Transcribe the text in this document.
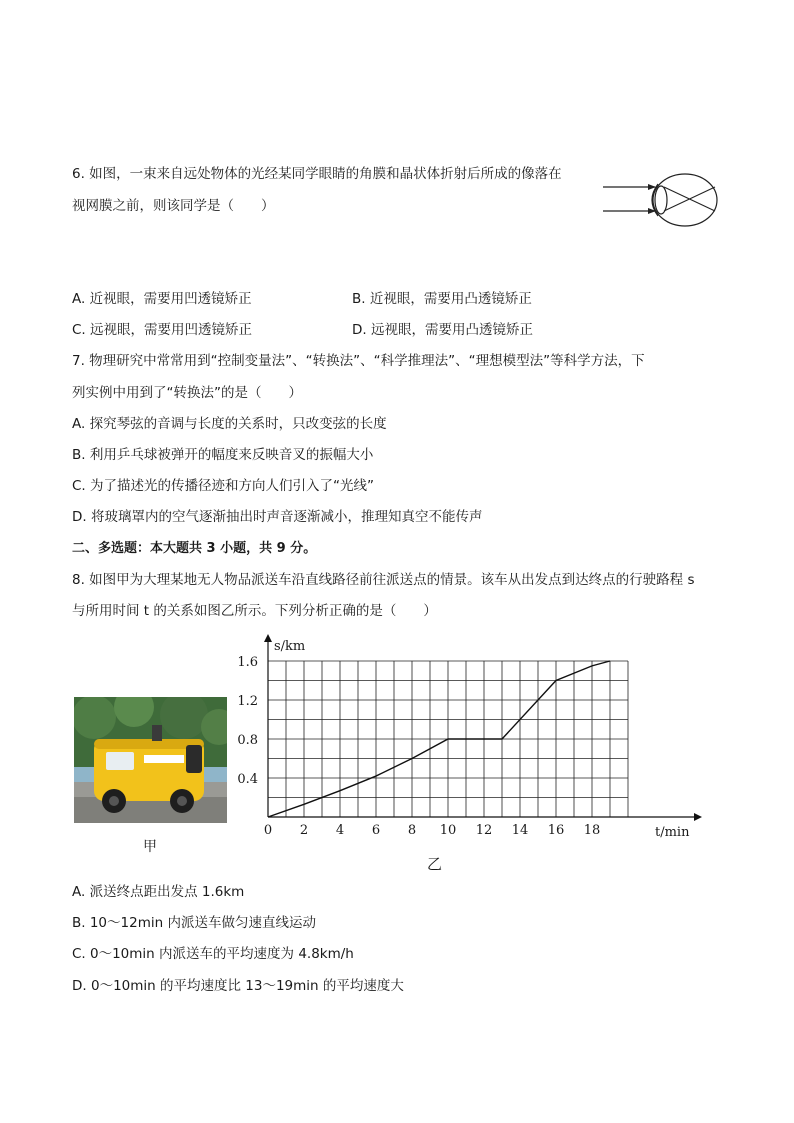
6. 如图，一束来自远处物体的光经某同学眼睛的角膜和晶状体折射后所成的像落在
视网膜之前，则该同学是（　　）
A. 近视眼，需要用凹透镜矫正	B. 近视眼，需要用凸透镜矫正
C. 远视眼，需要用凹透镜矫正	D. 远视眼，需要用凸透镜矫正
7. 物理研究中常常用到“控制变量法”、“转换法”、“科学推理法”、“理想模型法”等科学方法，下
列实例中用到了“转换法”的是（　　）
A. 探究琴弦的音调与长度的关系时，只改变弦的长度
B. 利用乒乓球被弹开的幅度来反映音叉的振幅大小
C. 为了描述光的传播径迹和方向人们引入了“光线”
D. 将玻璃罩内的空气逐渐抽出时声音逐渐减小，推理知真空不能传声
二、多选题：本大题共 3 小题，共 9 分。
8. 如图甲为大理某地无人物品派送车沿直线路径前往派送点的情景。该车从出发点到达终点的行驶路程 s
与所用时间 t 的关系如图乙所示。下列分析正确的是（　　）
甲
0 2 4 6 8 10 12 14 16 18
0.4
0.8
1.2
1.6
s/km
t/min
乙
A. 派送终点距出发点 1.6km
B. 10～12min 内派送车做匀速直线运动
C. 0～10min 内派送车的平均速度为 4.8km/h
D. 0～10min 的平均速度比 13～19min 的平均速度大
